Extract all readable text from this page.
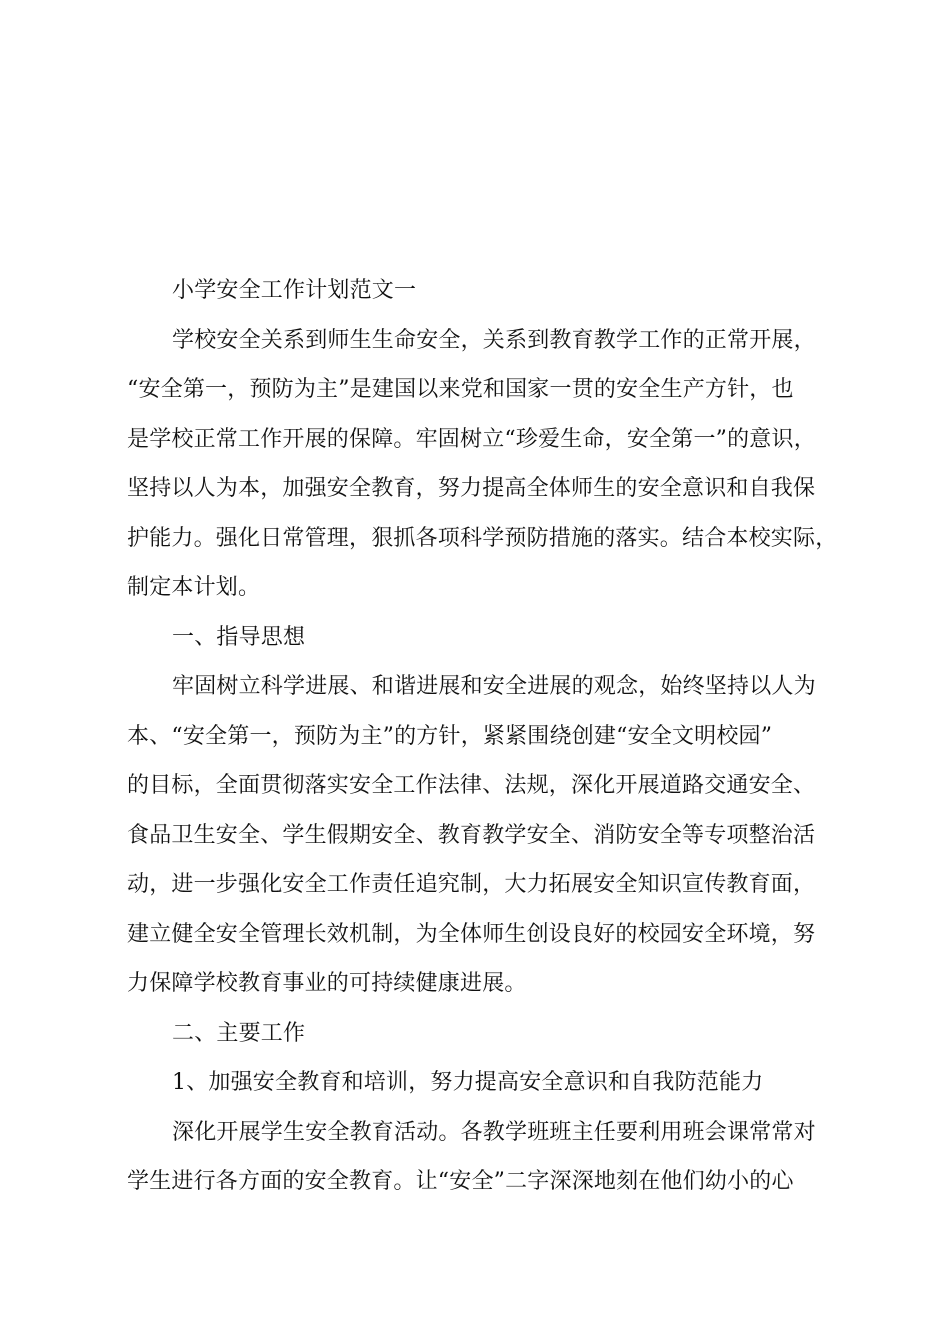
小学安全工作计划范文一
学校安全关系到师生生命安全，关系到教育教学工作的正常开展，
“安全第一，预防为主”是建国以来党和国家一贯的安全生产方针，也
是学校正常工作开展的保障。牢固树立“珍爱生命，安全第一”的意识，
坚持以人为本，加强安全教育，努力提高全体师生的安全意识和自我保
护能力。强化日常管理，狠抓各项科学预防措施的落实。结合本校实际，
制定本计划。
一、指导思想
牢固树立科学进展、和谐进展和安全进展的观念，始终坚持以人为
本、“安全第一，预防为主”的方针，紧紧围绕创建“安全文明校园”
的目标，全面贯彻落实安全工作法律、法规，深化开展道路交通安全、
食品卫生安全、学生假期安全、教育教学安全、消防安全等专项整治活
动，进一步强化安全工作责任追究制，大力拓展安全知识宣传教育面，
建立健全安全管理长效机制，为全体师生创设良好的校园安全环境，努
力保障学校教育事业的可持续健康进展。
二、主要工作
1、加强安全教育和培训，努力提高安全意识和自我防范能力
深化开展学生安全教育活动。各教学班班主任要利用班会课常常对
学生进行各方面的安全教育。让“安全”二字深深地刻在他们幼小的心
